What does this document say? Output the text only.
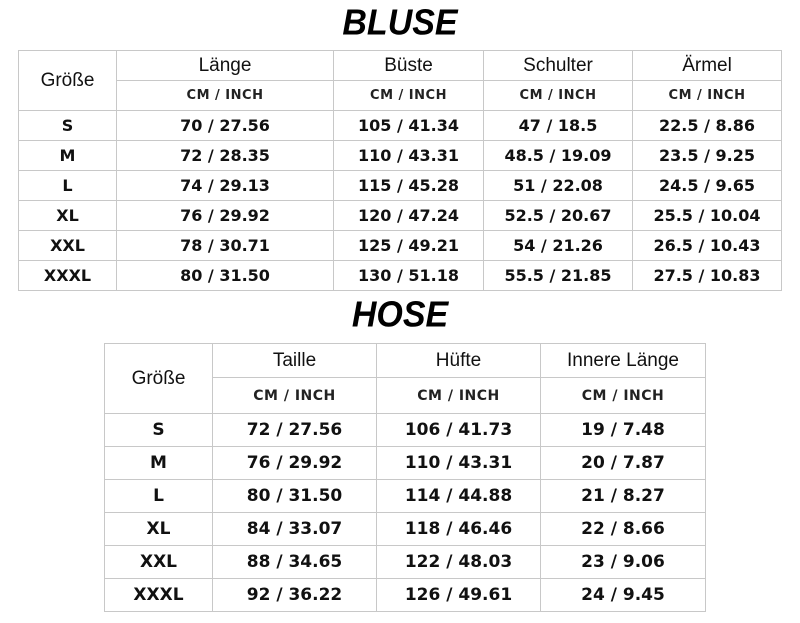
BLUSE
Größe	Länge	Büste	Schulter	Ärmel
	CM / INCH	CM / INCH	CM / INCH	CM / INCH
S	70 / 27.56	105 / 41.34	47 / 18.5	22.5 / 8.86
M	72 / 28.35	110 / 43.31	48.5 / 19.09	23.5 / 9.25
L	74 / 29.13	115 / 45.28	51 / 22.08	24.5 / 9.65
XL	76 / 29.92	120 / 47.24	52.5 / 20.67	25.5 / 10.04
XXL	78 / 30.71	125 / 49.21	54 / 21.26	26.5 / 10.43
XXXL	80 / 31.50	130 / 51.18	55.5 / 21.85	27.5 / 10.83
HOSE
Größe	Taille	Hüfte	Innere Länge
	CM / INCH	CM / INCH	CM / INCH
S	72 / 27.56	106 / 41.73	19 / 7.48
M	76 / 29.92	110 / 43.31	20 / 7.87
L	80 / 31.50	114 / 44.88	21 / 8.27
XL	84 / 33.07	118 / 46.46	22 / 8.66
XXL	88 / 34.65	122 / 48.03	23 / 9.06
XXXL	92 / 36.22	126 / 49.61	24 / 9.45
